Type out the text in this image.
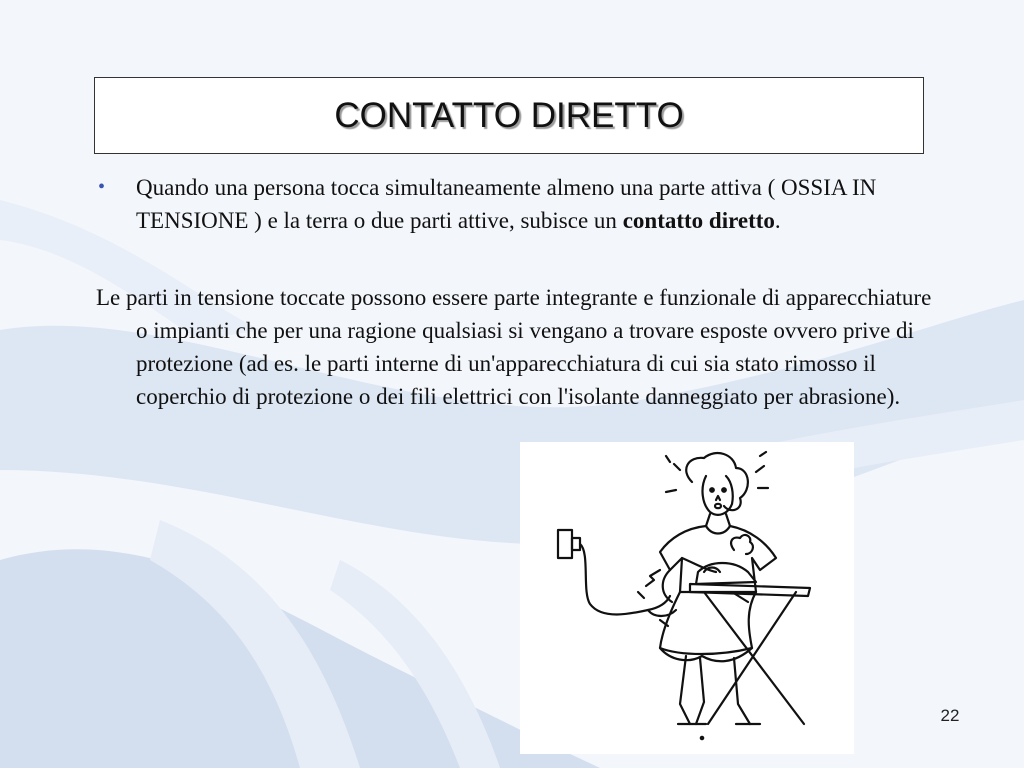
CONTATTO DIRETTO
• Quando una persona tocca simultaneamente almeno una parte attiva ( OSSIA IN TENSIONE ) e la terra o due parti attive, subisce un contatto diretto.
Le parti in tensione toccate possono essere parte integrante e funzionale di apparecchiature o impianti che per una ragione qualsiasi si vengano a trovare esposte ovvero prive di protezione (ad es. le parti interne di un'apparecchiatura di cui sia stato rimosso il coperchio di protezione o dei fili elettrici con l'isolante danneggiato per abrasione).
22
